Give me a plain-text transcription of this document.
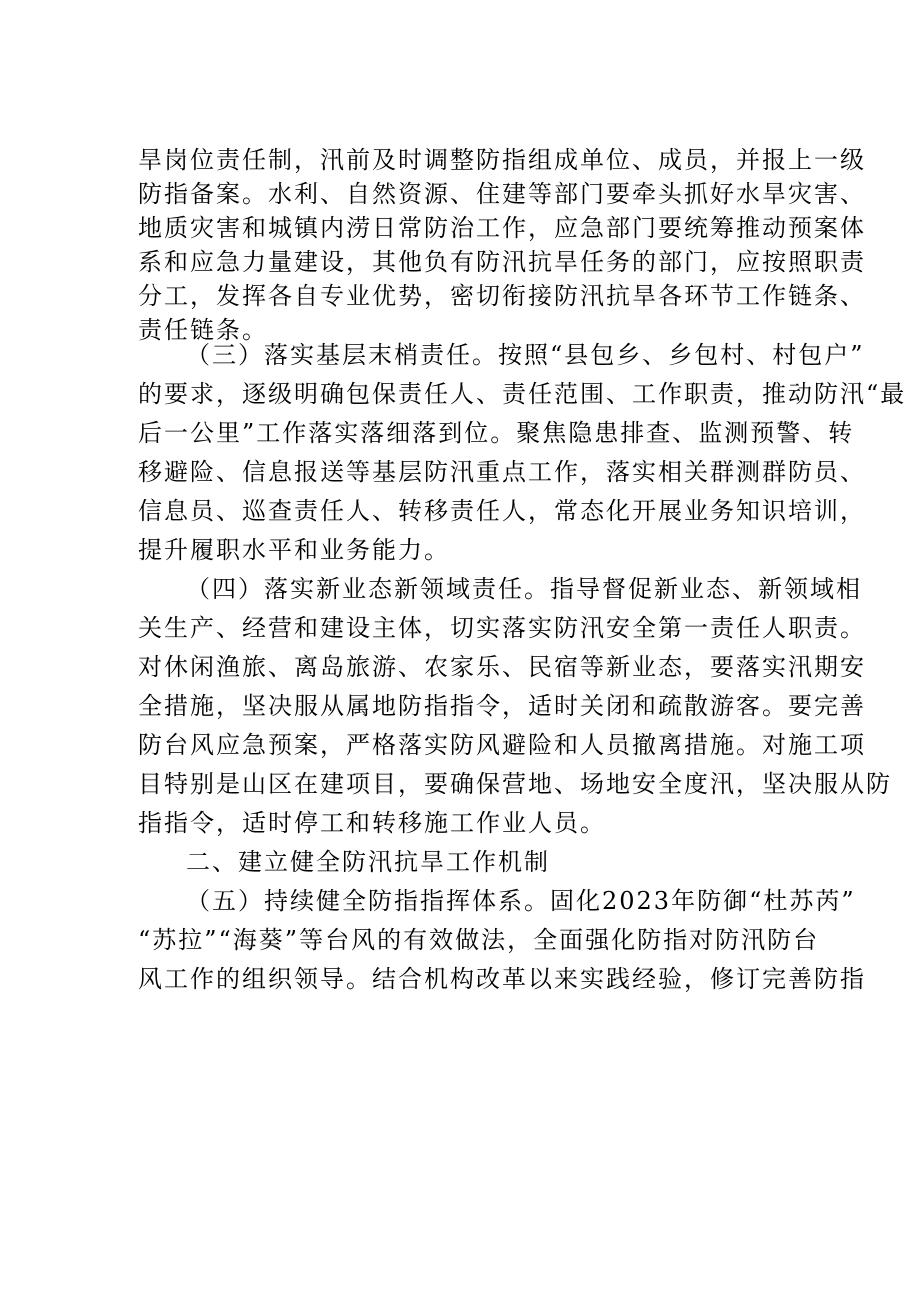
旱岗位责任制，汛前及时调整防指组成单位、成员，并报上一级
防指备案。水利、自然资源、住建等部门要牵头抓好水旱灾害、
地质灾害和城镇内涝日常防治工作，应急部门要统筹推动预案体
系和应急力量建设，其他负有防汛抗旱任务的部门，应按照职责
分工，发挥各自专业优势，密切衔接防汛抗旱各环节工作链条、
责任链条。
（三）落实基层末梢责任。按照“县包乡、乡包村、村包户”
的要求，逐级明确包保责任人、责任范围、工作职责，推动防汛“最
后一公里”工作落实落细落到位。聚焦隐患排查、监测预警、转
移避险、信息报送等基层防汛重点工作，落实相关群测群防员、
信息员、巡查责任人、转移责任人，常态化开展业务知识培训，
提升履职水平和业务能力。
（四）落实新业态新领域责任。指导督促新业态、新领域相
关生产、经营和建设主体，切实落实防汛安全第一责任人职责。
对休闲渔旅、离岛旅游、农家乐、民宿等新业态，要落实汛期安
全措施，坚决服从属地防指指令，适时关闭和疏散游客。要完善
防台风应急预案，严格落实防风避险和人员撤离措施。对施工项
目特别是山区在建项目，要确保营地、场地安全度汛，坚决服从防
指指令，适时停工和转移施工作业人员。
二、建立健全防汛抗旱工作机制
（五）持续健全防指指挥体系。固化2023年防御“杜苏芮”
“苏拉”“海葵”等台风的有效做法，全面强化防指对防汛防台
风工作的组织领导。结合机构改革以来实践经验，修订完善防指
